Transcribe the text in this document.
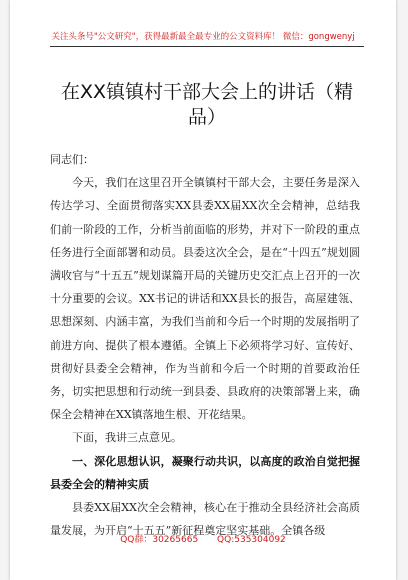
关注头条号"公文研究"，获得最新最全最专业的公文资料库！ 微信：gongwenyj
在XX镇镇村干部大会上的讲话（精品）

同志们：

今天，我们在这里召开全镇镇村干部大会，主要任务是深入传达学习、全面贯彻落实XX县委XX届XX次全会精神，总结我们前一阶段的工作，分析当前面临的形势，并对下一阶段的重点任务进行全面部署和动员。县委这次全会，是在“十四五”规划圆满收官与“十五五”规划谋篇开局的关键历史交汇点上召开的一次十分重要的会议。XX书记的讲话和XX县长的报告，高屋建瓴、思想深刻、内涵丰富，为我们当前和今后一个时期的发展指明了前进方向、提供了根本遵循。全镇上下必须将学习好、宣传好、贯彻好县委全会精神，作为当前和今后一个时期的首要政治任务，切实把思想和行动统一到县委、县政府的决策部署上来，确保全会精神在XX镇落地生根、开花结果。

下面，我讲三点意见。

一、深化思想认识，凝聚行动共识，以高度的政治自觉把握县委全会的精神实质

县委XX届XX次全会精神，核心在于推动全县经济社会高质量发展，为开启“十五五”新征程奠定坚实基础。全镇各级

QQ群：30265665 QQ:535304092
